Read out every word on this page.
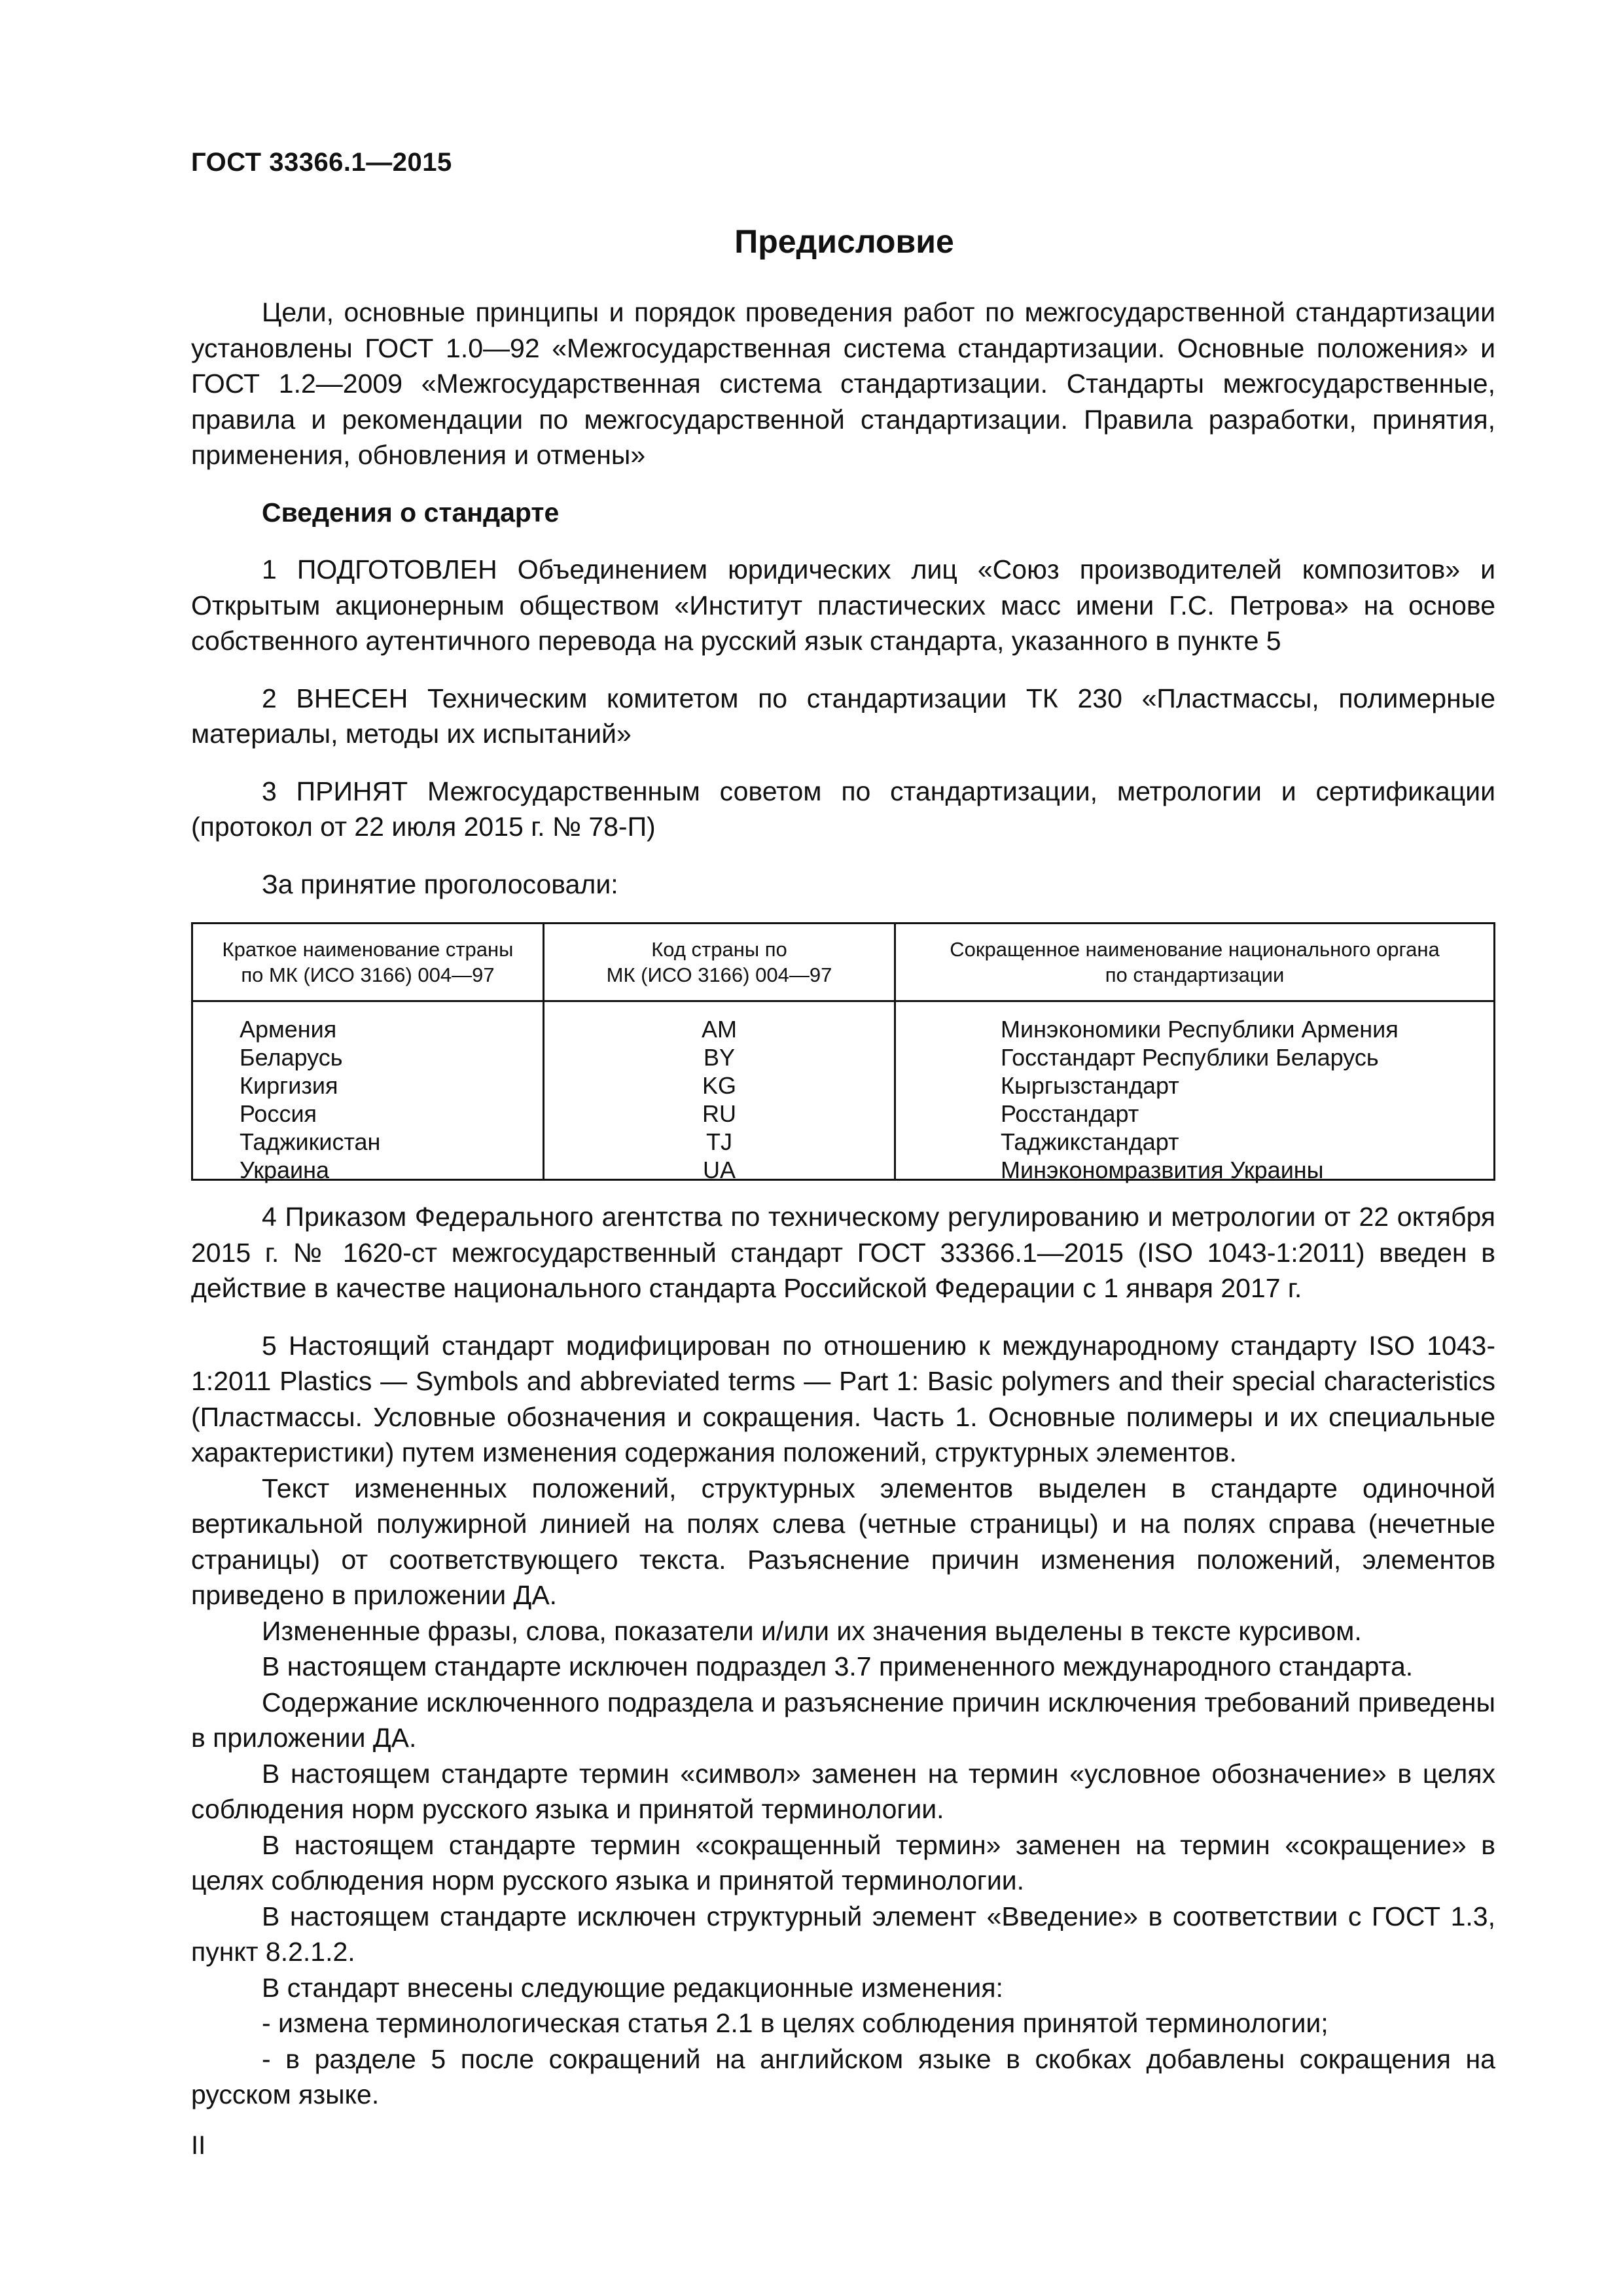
ГОСТ 33366.1—2015
Предисловие

Цели, основные принципы и порядок проведения работ по межгосударственной стандартизации установлены ГОСТ 1.0—92 «Межгосударственная система стандартизации. Основные положения» и ГОСТ 1.2—2009 «Межгосударственная система стандартизации. Стандарты межгосударственные, правила и рекомендации по межгосударственной стандартизации. Правила разработки, принятия, применения, обновления и отмены»

Сведения о стандарте

1 ПОДГОТОВЛЕН Объединением юридических лиц «Союз производителей композитов» и Открытым акционерным обществом «Институт пластических масс имени Г.С. Петрова» на основе собственного аутентичного перевода на русский язык стандарта, указанного в пункте 5

2 ВНЕСЕН Техническим комитетом по стандартизации ТК 230 «Пластмассы, полимерные материалы, методы их испытаний»

3 ПРИНЯТ Межгосударственным советом по стандартизации, метрологии и сертификации (протокол от 22 июля 2015 г. № 78-П)

За принятие проголосовали:

Краткое наименование страны
по МК (ИСО 3166) 004—97
Код страны по
МК (ИСО 3166) 004—97
Сокращенное наименование национального органа
по стандартизации
Армения
Беларусь
Киргизия
Россия
Таджикистан
Украина
AM
BY
KG
RU
TJ
UA
Минэкономики Республики Армения
Госстандарт Республики Беларусь
Кыргызстандарт
Росстандарт
Таджикстандарт
Минэкономразвития Украины

4 Приказом Федерального агентства по техническому регулированию и метрологии от 22 октября 2015 г. № 1620-ст межгосударственный стандарт ГОСТ 33366.1—2015 (ISO 1043-1:2011) введен в действие в качестве национального стандарта Российской Федерации с 1 января 2017 г.

5 Настоящий стандарт модифицирован по отношению к международному стандарту ISO 1043-1:2011 Plastics — Symbols and abbreviated terms — Part 1: Basic polymers and their special characteristics (Пластмассы. Условные обозначения и сокращения. Часть 1. Основные полимеры и их специальные характеристики) путем изменения содержания положений, структурных элементов.

Текст измененных положений, структурных элементов выделен в стандарте одиночной вертикальной полужирной линией на полях слева (четные страницы) и на полях справа (нечетные страницы) от соответствующего текста. Разъяснение причин изменения положений, элементов приведено в приложении ДА.

Измененные фразы, слова, показатели и/или их значения выделены в тексте курсивом.

В настоящем стандарте исключен подраздел 3.7 примененного международного стандарта.

Содержание исключенного подраздела и разъяснение причин исключения требований приведены в приложении ДА.

В настоящем стандарте термин «символ» заменен на термин «условное обозначение» в целях соблюдения норм русского языка и принятой терминологии.

В настоящем стандарте термин «сокращенный термин» заменен на термин «сокращение» в целях соблюдения норм русского языка и принятой терминологии.

В настоящем стандарте исключен структурный элемент «Введение» в соответствии с ГОСТ 1.3, пункт 8.2.1.2.

В стандарт внесены следующие редакционные изменения:

- измена терминологическая статья 2.1 в целях соблюдения принятой терминологии;

- в разделе 5 после сокращений на английском языке в скобках добавлены сокращения на русском языке.

II
